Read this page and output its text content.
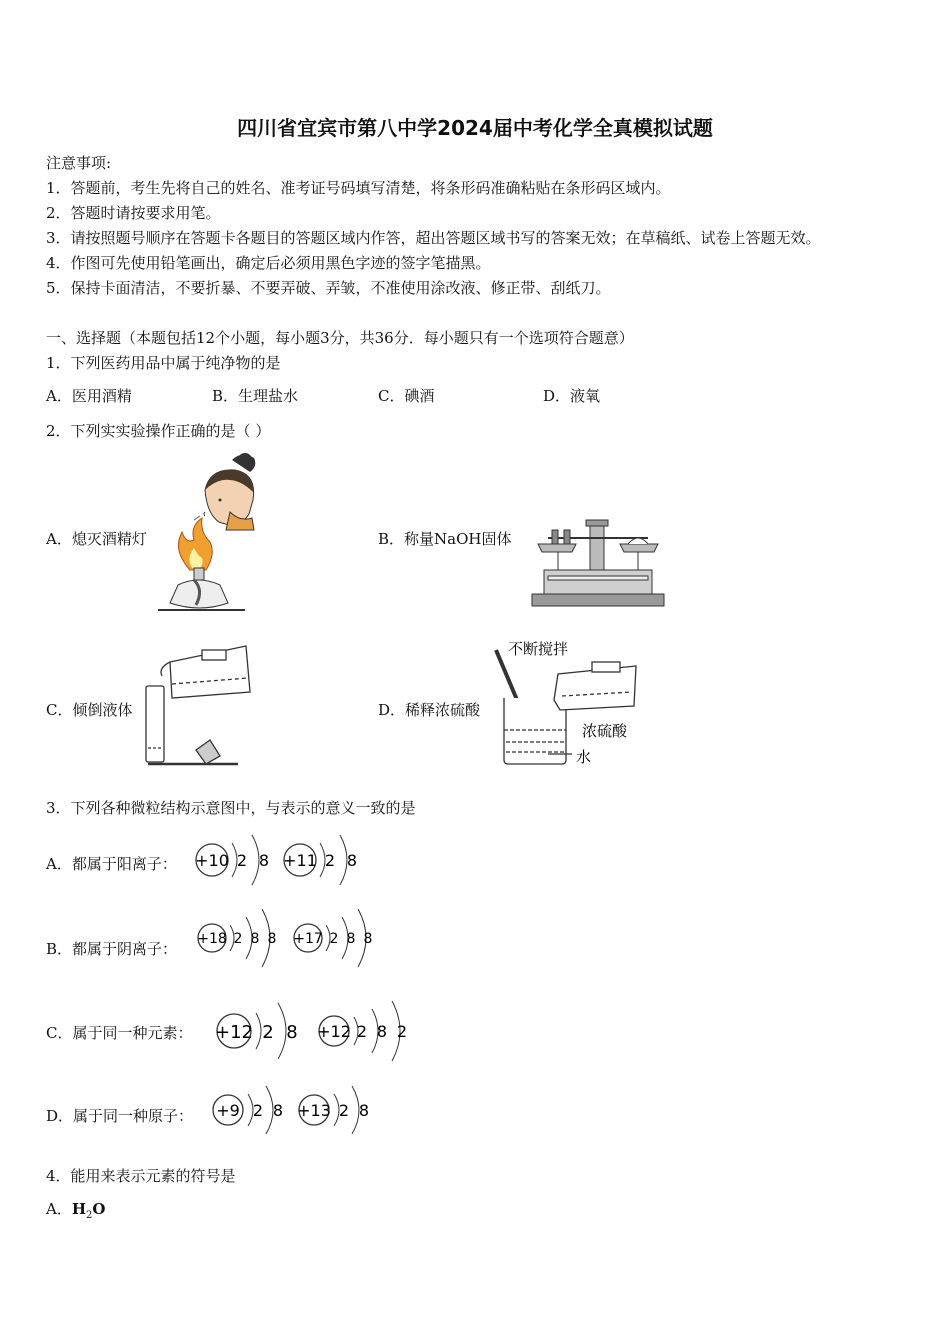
四川省宜宾市第八中学2024届中考化学全真模拟试题
注意事项:
1．答题前，考生先将自己的姓名、准考证号码填写清楚，将条形码准确粘贴在条形码区域内。
2．答题时请按要求用笔。
3．请按照题号顺序在答题卡各题目的答题区域内作答，超出答题区域书写的答案无效；在草稿纸、试卷上答题无效。
4．作图可先使用铅笔画出，确定后必须用黑色字迹的签字笔描黑。
5．保持卡面清洁，不要折暴、不要弄破、弄皱，不准使用涂改液、修正带、刮纸刀。
一、选择题（本题包括12个小题，每小题3分，共36分．每小题只有一个选项符合题意）
1．下列医药用品中属于纯净物的是
A．医用酒精	B．生理盐水	C．碘酒	D．液氧
2．下列实实验操作正确的是（ ）
A．熄灭酒精灯	B．称量NaOH固体
C．倾倒液体	D．稀释浓硫酸
不断搅拌
浓硫酸
水
3．下列各种微粒结构示意图中，与表示的意义一致的是
A．都属于阳离子：
B．都属于阴离子：
C．属于同一种元素：
D．属于同一种原子：
+10 2 8 +11 2 8
+18 2 8 8 +17 2 8 8
+12 2 8 +12 2 8 2
+9 2 8 +13 2 8
4．能用来表示元素的符号是
A．$H_2O$
